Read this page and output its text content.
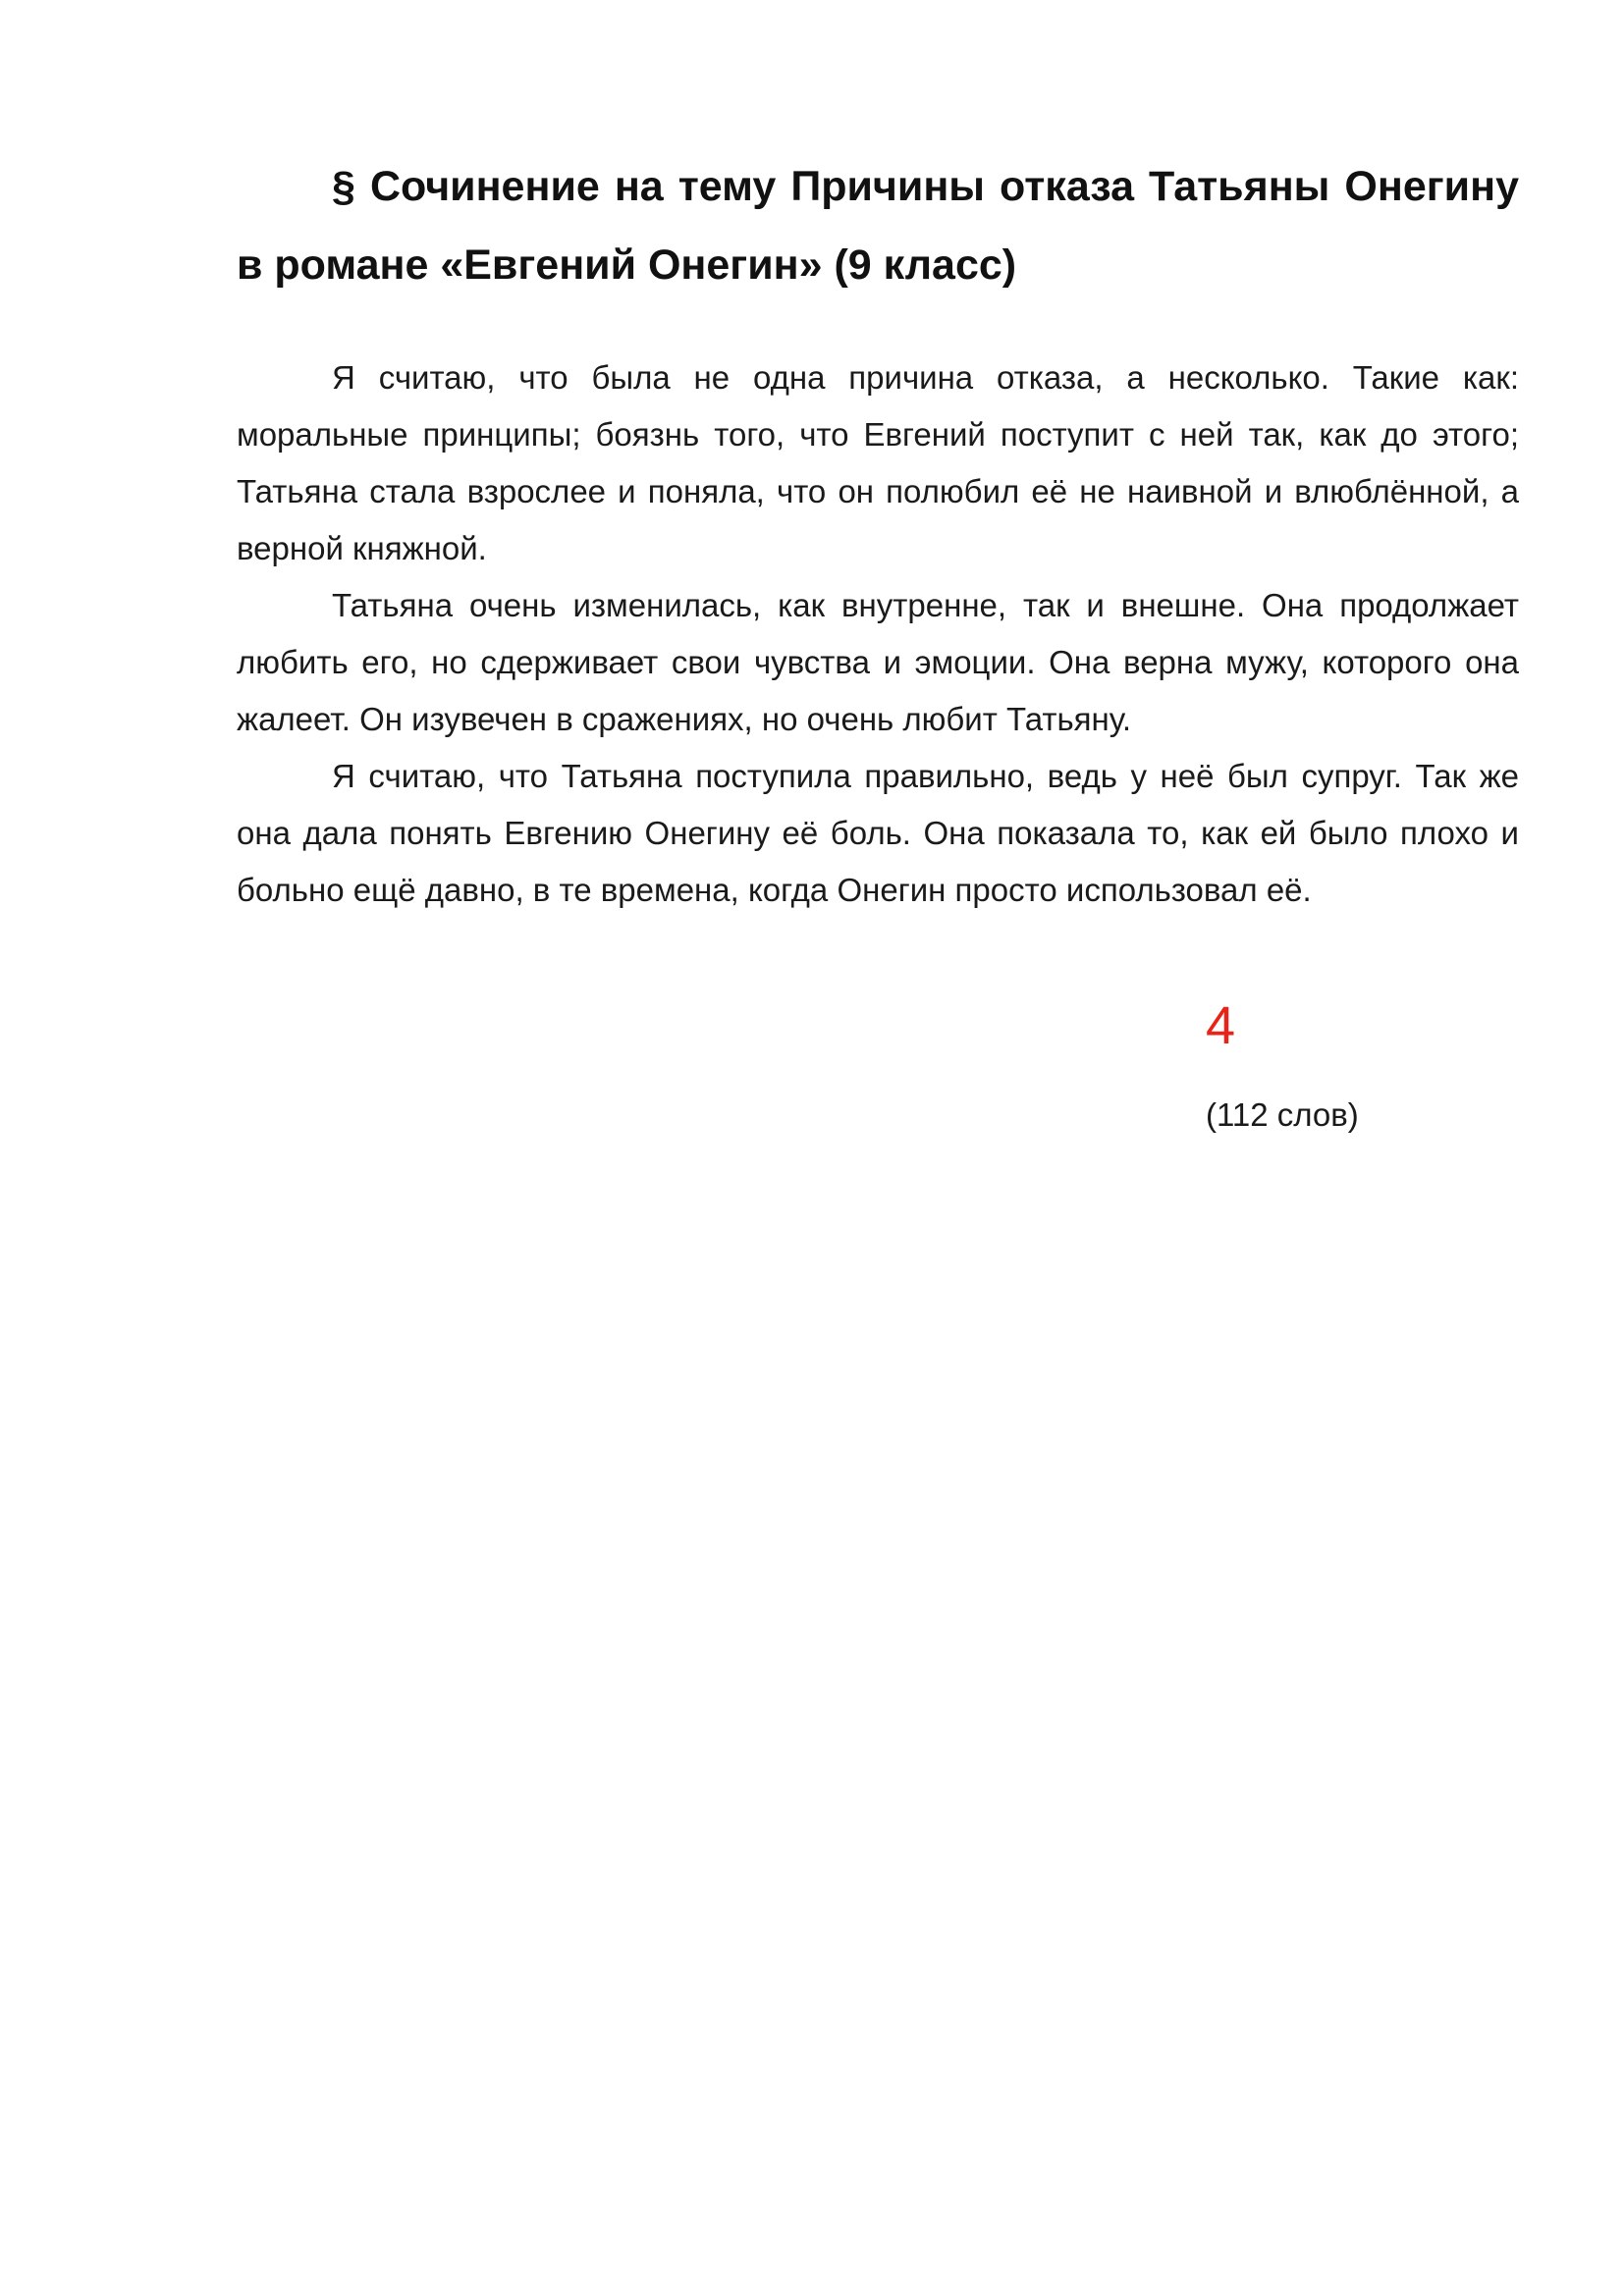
§ Сочинение на тему Причины отказа Татьяны Онегину в романе «Евгений Онегин» (9 класс)

Я считаю, что была не одна причина отказа, а несколько. Такие как: моральные принципы; боязнь того, что Евгений поступит с ней так, как до этого; Татьяна стала взрослее и поняла, что он полюбил её не наивной и влюблённой, а верной княжной.

Татьяна очень изменилась, как внутренне, так и внешне. Она продолжает любить его, но сдерживает свои чувства и эмоции. Она верна мужу, которого она жалеет. Он изувечен в сражениях, но очень любит Татьяну.

Я считаю, что Татьяна поступила правильно, ведь у неё был супруг. Так же она дала понять Евгению Онегину её боль. Она показала то, как ей было плохо и больно ещё давно, в те времена, когда Онегин просто использовал её.

4
(112 слов)
